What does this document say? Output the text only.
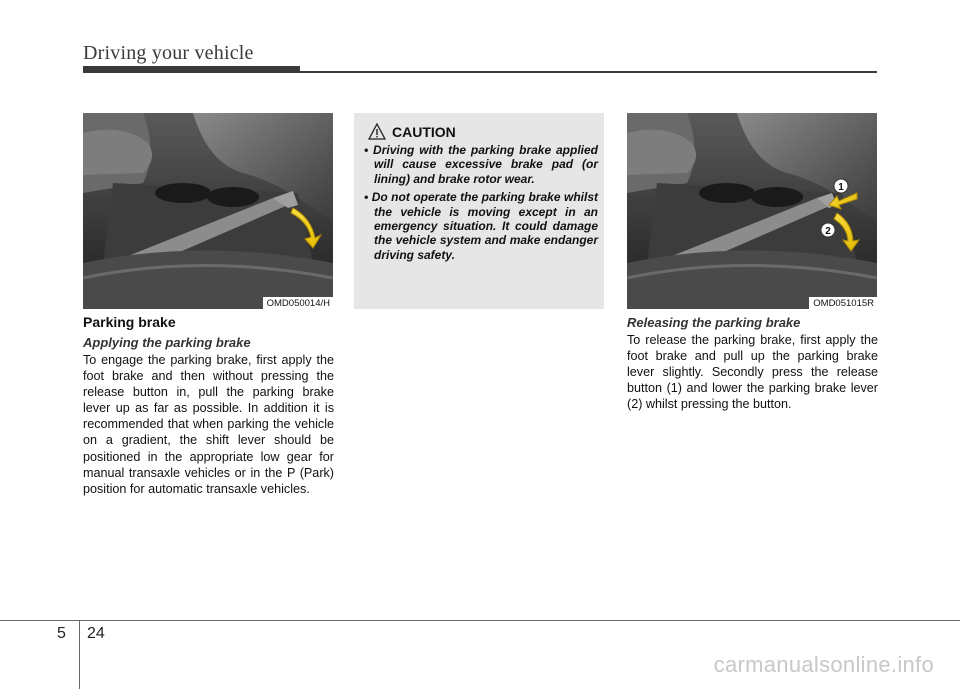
Driving your vehicle
OMD050014/H
CAUTION
• Driving with the parking brake applied will cause excessive brake pad (or lining) and brake rotor wear.
• Do not operate the parking brake whilst the vehicle is moving except in an emergency situation. It could damage the vehicle system and make endanger driving safety.
1
2
OMD051015R
Parking brake
Applying the parking brake
To engage the parking brake, first apply the foot brake and then without pressing the release button in, pull the parking brake lever up as far as possible. In addition it is recommended that when parking the vehicle on a gradient, the shift lever should be positioned in the appropriate low gear for manual transaxle vehicles or in the P (Park) position for automatic transaxle vehicles.
Releasing the parking brake
To release the parking brake, first apply the foot brake and pull up the parking brake lever slightly. Secondly press the release button (1) and lower the parking brake lever (2) whilst pressing the button.
5 24
carmanualsonline.info
